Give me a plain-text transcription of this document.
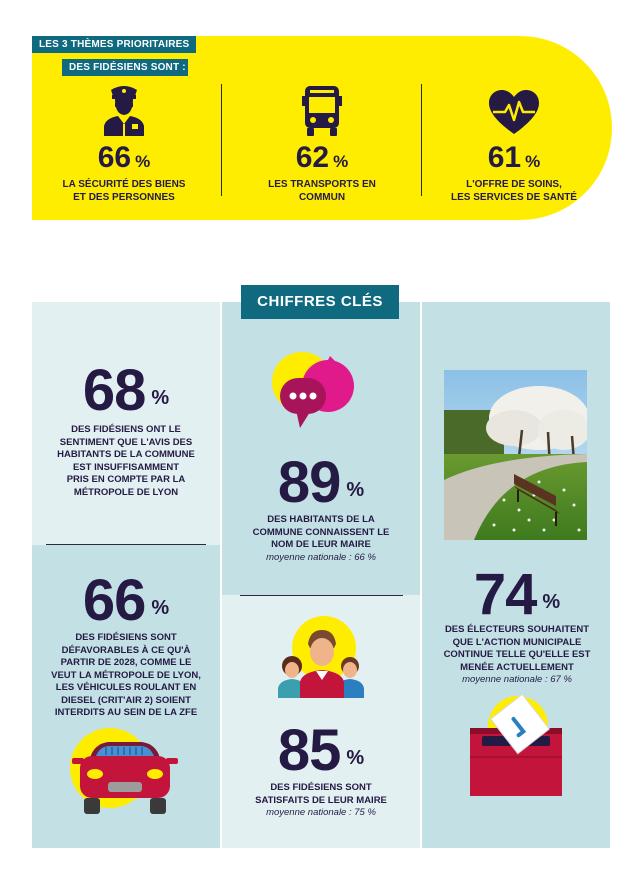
LES 3 THÈMES PRIORITAIRES
DES FIDÉSIENS SONT :
66 %
LA SÉCURITÉ DES BIENS
ET DES PERSONNES
62 %
LES TRANSPORTS EN
COMMUN
61 %
L'OFFRE DE SOINS,
LES SERVICES DE SANTÉ
CHIFFRES CLÉS
68 %
DES FIDÉSIENS ONT LE
SENTIMENT QUE L'AVIS DES
HABITANTS DE LA COMMUNE
EST INSUFFISAMMENT
PRIS EN COMPTE PAR LA
MÉTROPOLE DE LYON
66 %
DES FIDÉSIENS SONT
DÉFAVORABLES À CE QU'À
PARTIR DE 2028, COMME LE
VEUT LA MÉTROPOLE DE LYON,
LES VÉHICULES ROULANT EN
DIESEL (CRIT'AIR 2) SOIENT
INTERDITS AU SEIN DE LA ZFE
89 %
DES HABITANTS DE LA
COMMUNE CONNAISSENT LE
NOM DE LEUR MAIRE
moyenne nationale : 66 %
85 %
DES FIDÉSIENS SONT
SATISFAITS DE LEUR MAIRE
moyenne nationale : 75 %
74 %
DES ÉLECTEURS SOUHAITENT
QUE L'ACTION MUNICIPALE
CONTINUE TELLE QU'ELLE EST
MENÉE ACTUELLEMENT
moyenne nationale : 67 %
